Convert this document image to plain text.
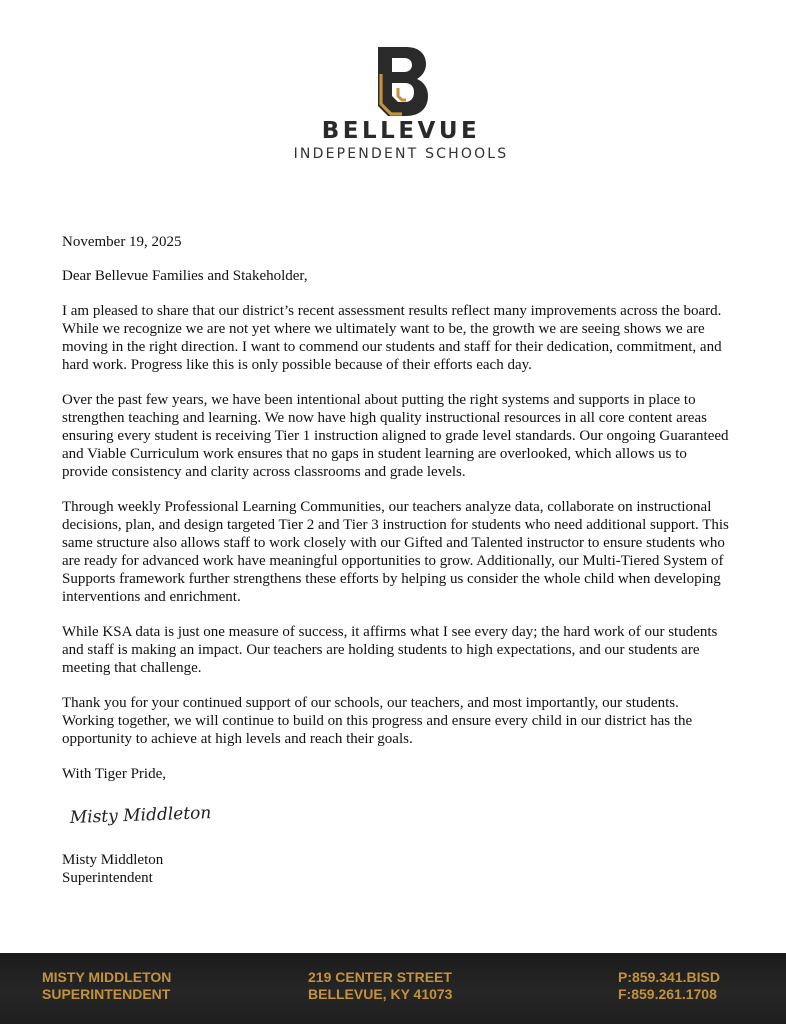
BELLEVUE
INDEPENDENT SCHOOLS

November 19, 2025

Dear Bellevue Families and Stakeholder,

I am pleased to share that our district’s recent assessment results reflect many improvements across the board. While we recognize we are not yet where we ultimately want to be, the growth we are seeing shows we are moving in the right direction. I want to commend our students and staff for their dedication, commitment, and hard work. Progress like this is only possible because of their efforts each day.

Over the past few years, we have been intentional about putting the right systems and supports in place to strengthen teaching and learning. We now have high quality instructional resources in all core content areas ensuring every student is receiving Tier 1 instruction aligned to grade level standards. Our ongoing Guaranteed and Viable Curriculum work ensures that no gaps in student learning are overlooked, which allows us to provide consistency and clarity across classrooms and grade levels.

Through weekly Professional Learning Communities, our teachers analyze data, collaborate on instructional decisions, plan, and design targeted Tier 2 and Tier 3 instruction for students who need additional support. This same structure also allows staff to work closely with our Gifted and Talented instructor to ensure students who are ready for advanced work have meaningful opportunities to grow. Additionally, our Multi-Tiered System of Supports framework further strengthens these efforts by helping us consider the whole child when developing interventions and enrichment.

While KSA data is just one measure of success, it affirms what I see every day; the hard work of our students and staff is making an impact. Our teachers are holding students to high expectations, and our students are meeting that challenge.

Thank you for your continued support of our schools, our teachers, and most importantly, our students. Working together, we will continue to build on this progress and ensure every child in our district has the opportunity to achieve at high levels and reach their goals.

With Tiger Pride,

Misty Middleton

Misty Middleton

Superintendent

MISTY MIDDLETON
SUPERINTENDENT
219 CENTER STREET
BELLEVUE, KY 41073
P:859.341.BISD
F:859.261.1708
